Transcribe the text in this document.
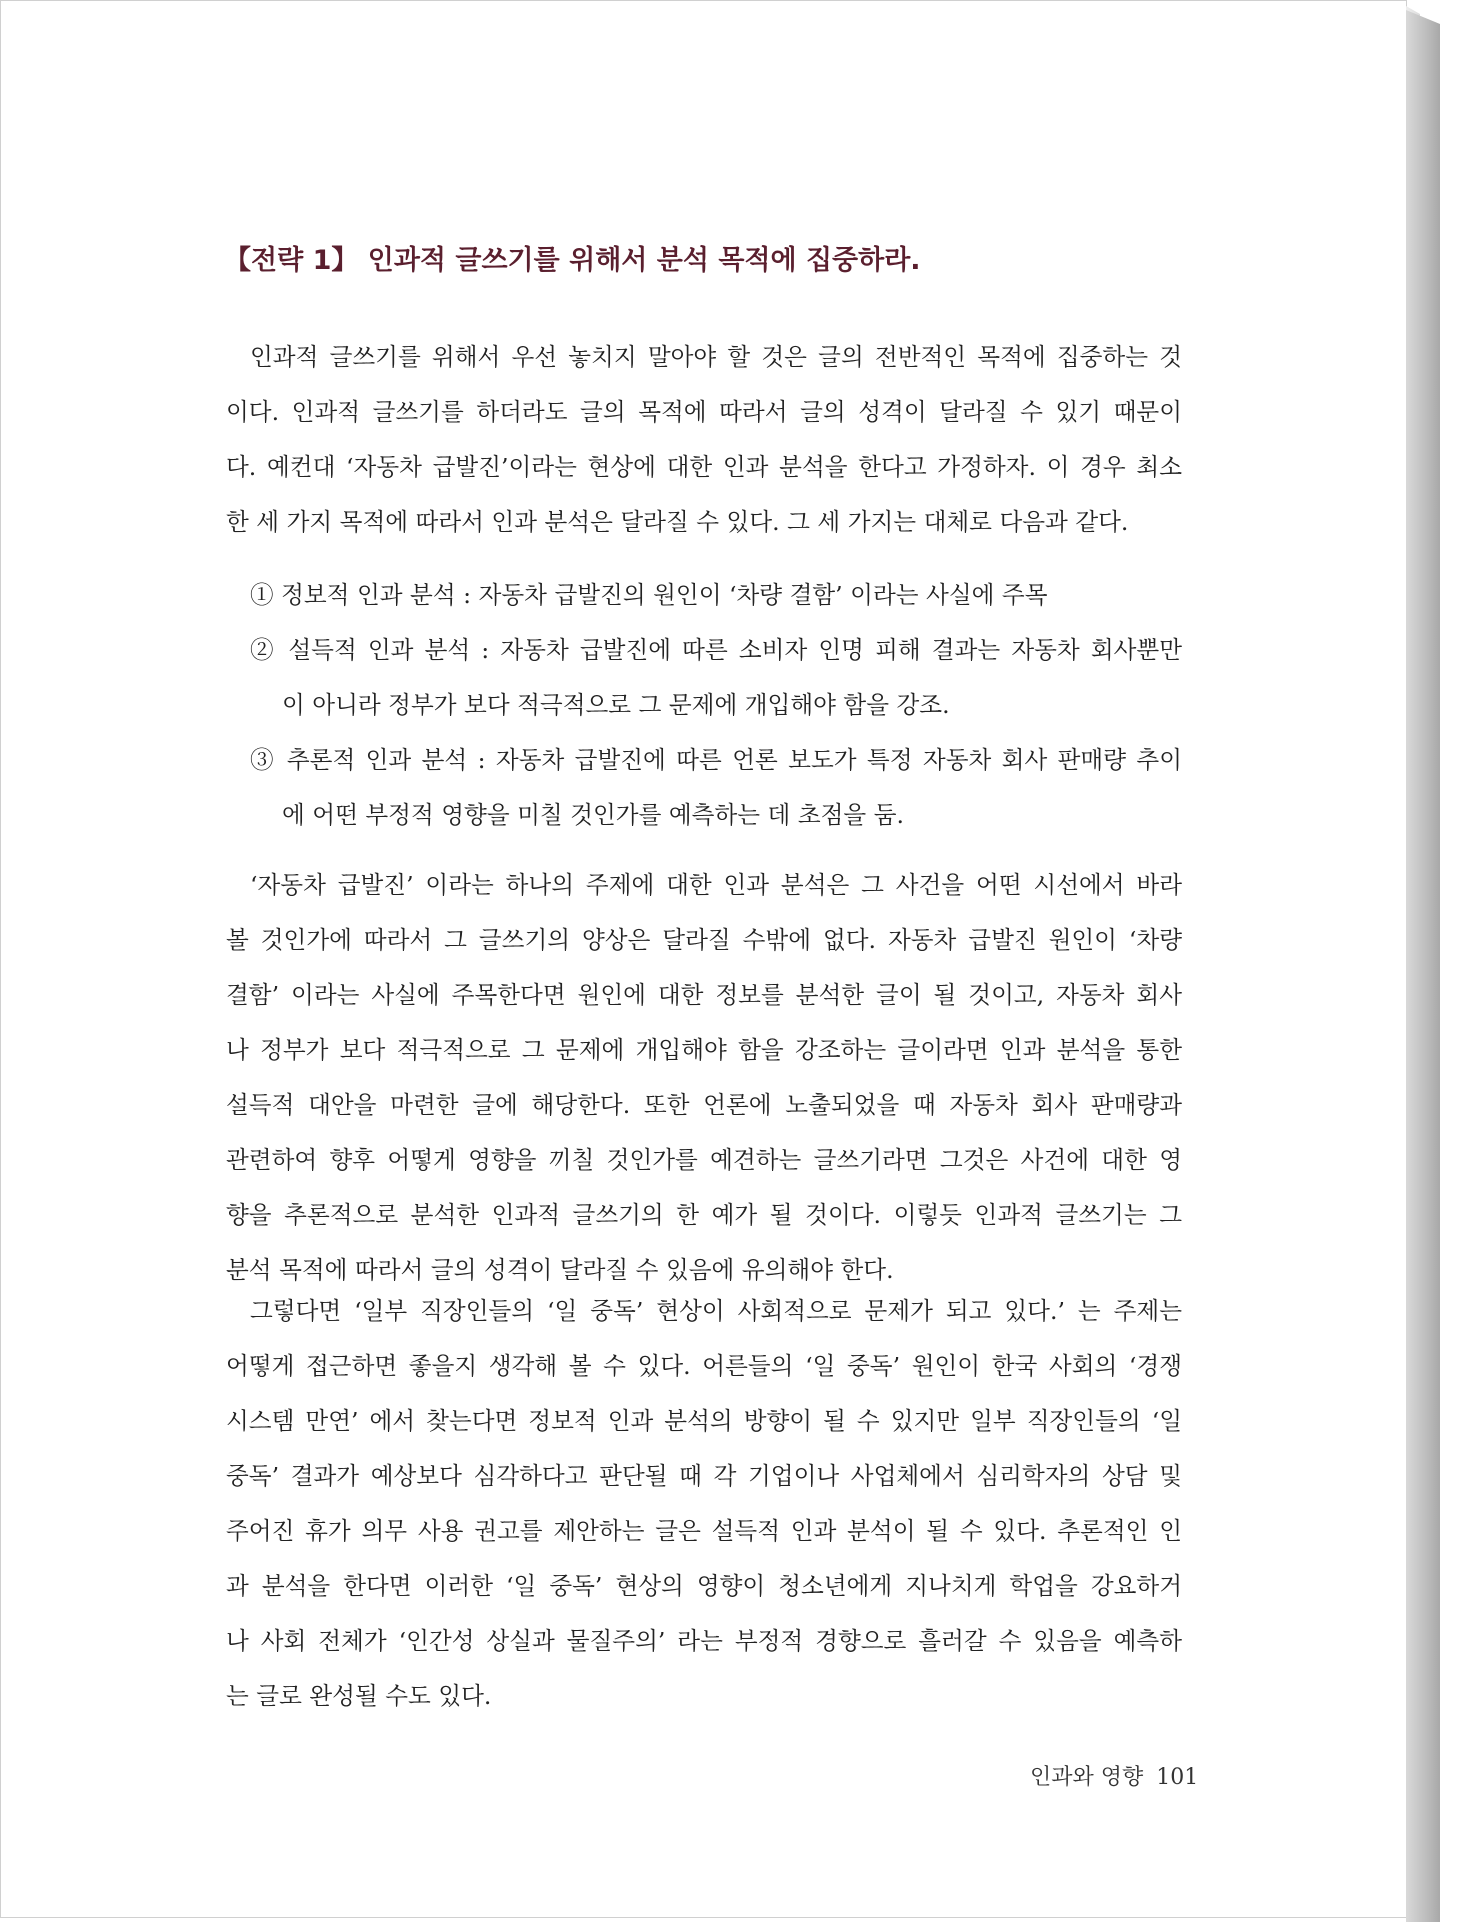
【전략 1】 인과적 글쓰기를 위해서 분석 목적에 집중하라.
인과적 글쓰기를 위해서 우선 놓치지 말아야 할 것은 글의 전반적인 목적에 집중하는 것
이다. 인과적 글쓰기를 하더라도 글의 목적에 따라서 글의 성격이 달라질 수 있기 때문이
다. 예컨대 ‘자동차 급발진’이라는 현상에 대한 인과 분석을 한다고 가정하자. 이 경우 최소
한 세 가지 목적에 따라서 인과 분석은 달라질 수 있다. 그 세 가지는 대체로 다음과 같다.
① 정보적 인과 분석 : 자동차 급발진의 원인이 ‘차량 결함’ 이라는 사실에 주목
② 설득적 인과 분석 : 자동차 급발진에 따른 소비자 인명 피해 결과는 자동차 회사뿐만
이 아니라 정부가 보다 적극적으로 그 문제에 개입해야 함을 강조.
③ 추론적 인과 분석 : 자동차 급발진에 따른 언론 보도가 특정 자동차 회사 판매량 추이
에 어떤 부정적 영향을 미칠 것인가를 예측하는 데 초점을 둠.
‘자동차 급발진’ 이라는 하나의 주제에 대한 인과 분석은 그 사건을 어떤 시선에서 바라
볼 것인가에 따라서 그 글쓰기의 양상은 달라질 수밖에 없다. 자동차 급발진 원인이 ‘차량
결함’ 이라는 사실에 주목한다면 원인에 대한 정보를 분석한 글이 될 것이고, 자동차 회사
나 정부가 보다 적극적으로 그 문제에 개입해야 함을 강조하는 글이라면 인과 분석을 통한
설득적 대안을 마련한 글에 해당한다. 또한 언론에 노출되었을 때 자동차 회사 판매량과
관련하여 향후 어떻게 영향을 끼칠 것인가를 예견하는 글쓰기라면 그것은 사건에 대한 영
향을 추론적으로 분석한 인과적 글쓰기의 한 예가 될 것이다. 이렇듯 인과적 글쓰기는 그
분석 목적에 따라서 글의 성격이 달라질 수 있음에 유의해야 한다.
그렇다면 ‘일부 직장인들의 ‘일 중독’ 현상이 사회적으로 문제가 되고 있다.’ 는 주제는
어떻게 접근하면 좋을지 생각해 볼 수 있다. 어른들의 ‘일 중독’ 원인이 한국 사회의 ‘경쟁
시스템 만연’ 에서 찾는다면 정보적 인과 분석의 방향이 될 수 있지만 일부 직장인들의 ‘일
중독’ 결과가 예상보다 심각하다고 판단될 때 각 기업이나 사업체에서 심리학자의 상담 및
주어진 휴가 의무 사용 권고를 제안하는 글은 설득적 인과 분석이 될 수 있다. 추론적인 인
과 분석을 한다면 이러한 ‘일 중독’ 현상의 영향이 청소년에게 지나치게 학업을 강요하거
나 사회 전체가 ‘인간성 상실과 물질주의’ 라는 부정적 경향으로 흘러갈 수 있음을 예측하
는 글로 완성될 수도 있다.
인과와 영향 101
